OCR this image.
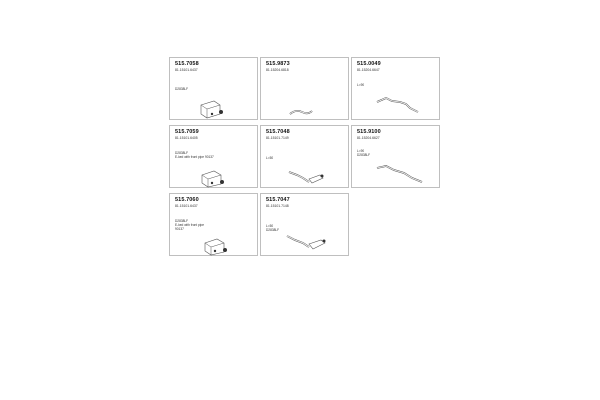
515.7058
81.15101.6437
D2838LF
515.9873
81.15204.6818
515.0049
81.15204.6647
L=90
515.7059
81.15101.6405
D2838LF
E-ked with front pipe 90137
515.7048
81.15101.7149
L=50
515.9100
81.15204.6627
L=90
D2838LF
515.7060
81.15101.6437
D2838LF
E-ked with front pipe
90137
515.7047
81.15101.7148
L=50
D2838LF
